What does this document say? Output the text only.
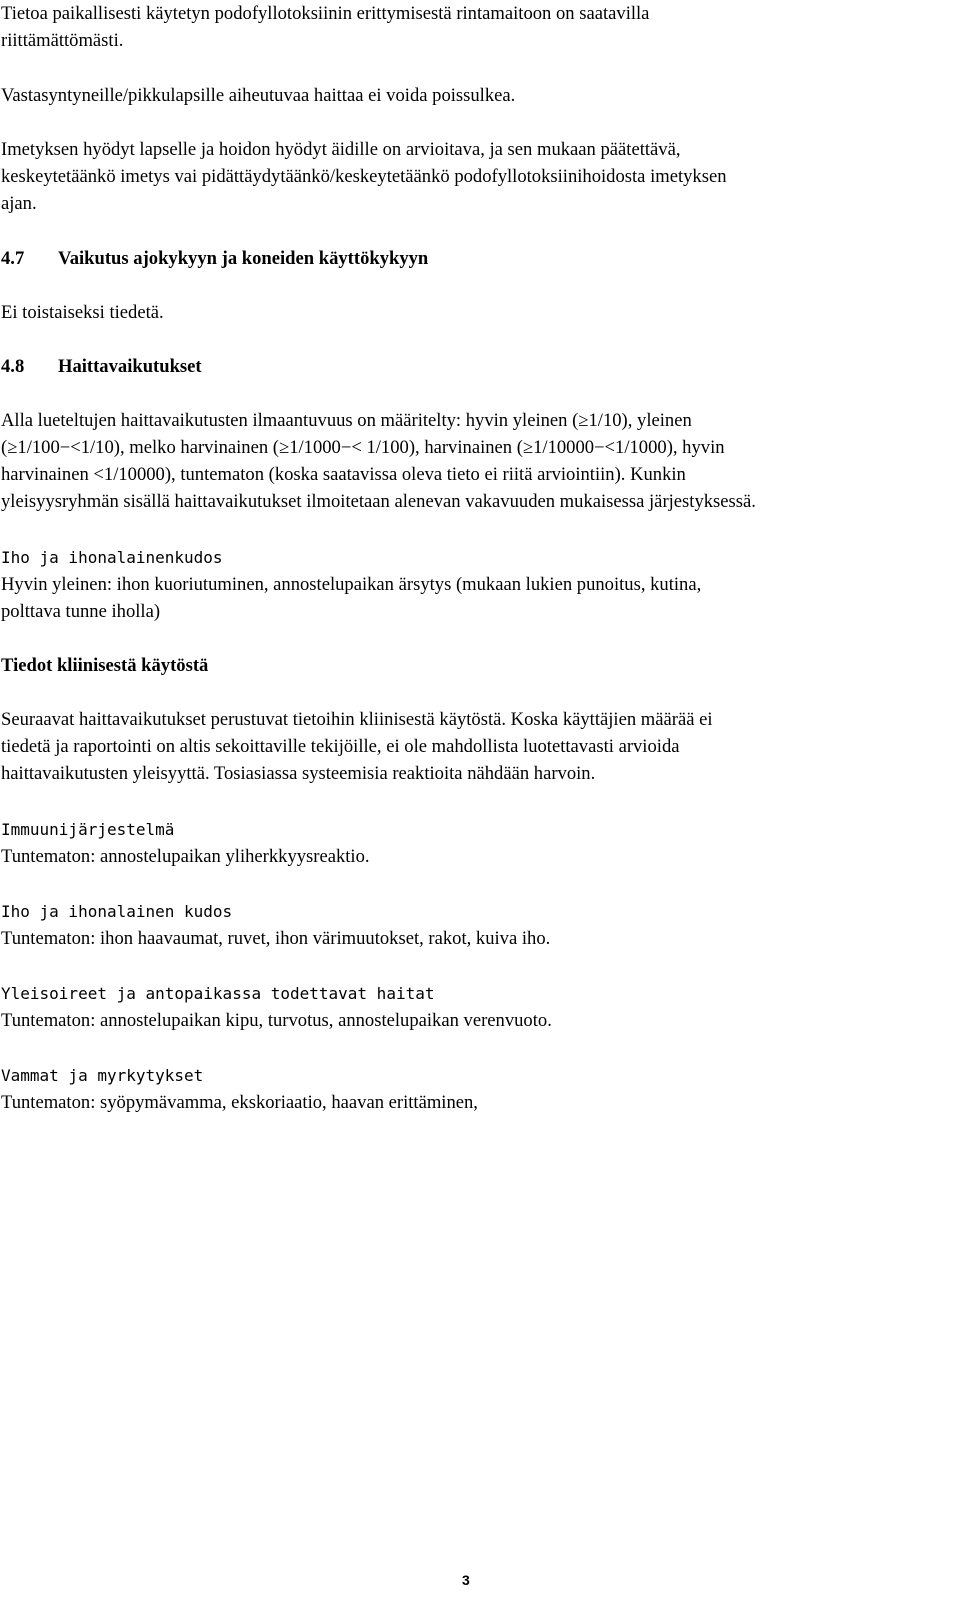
Tietoa paikallisesti käytetyn podofyllotoksiinin erittymisestä rintamaitoon on saatavilla
riittämättömästi.

Vastasyntyneille/pikkulapsille aiheutuvaa haittaa ei voida poissulkea.

Imetyksen hyödyt lapselle ja hoidon hyödyt äidille on arvioitava, ja sen mukaan päätettävä,
keskeytetäänkö imetys vai pidättäydytäänkö/keskeytetäänkö podofyllotoksiinihoidosta imetyksen
ajan.

4.7 Vaikutus ajokykyyn ja koneiden käyttökykyyn

Ei toistaiseksi tiedetä.

4.8 Haittavaikutukset

Alla lueteltujen haittavaikutusten ilmaantuvuus on määritelty: hyvin yleinen (≥1/10), yleinen
(≥1/100−<1/10), melko harvinainen (≥1/1000−< 1/100), harvinainen (≥1/10000−<1/1000), hyvin
harvinainen <1/10000), tuntematon (koska saatavissa oleva tieto ei riitä arviointiin). Kunkin
yleisyysryhmän sisällä haittavaikutukset ilmoitetaan alenevan vakavuuden mukaisessa järjestyksessä.

Iho ja ihonalainenkudos
Hyvin yleinen: ihon kuoriutuminen, annostelupaikan ärsytys (mukaan lukien punoitus, kutina,
polttava tunne iholla)

Tiedot kliinisestä käytöstä

Seuraavat haittavaikutukset perustuvat tietoihin kliinisestä käytöstä. Koska käyttäjien määrää ei
tiedetä ja raportointi on altis sekoittaville tekijöille, ei ole mahdollista luotettavasti arvioida
haittavaikutusten yleisyyttä. Tosiasiassa systeemisia reaktioita nähdään harvoin.

Immuunijärjestelmä
Tuntematon: annostelupaikan yliherkkyysreaktio.

Iho ja ihonalainen kudos
Tuntematon: ihon haavaumat, ruvet, ihon värimuutokset, rakot, kuiva iho.

Yleisoireet ja antopaikassa todettavat haitat
Tuntematon: annostelupaikan kipu, turvotus, annostelupaikan verenvuoto.

Vammat ja myrkytykset
Tuntematon: syöpymävamma, ekskoriaatio, haavan erittäminen,

3
